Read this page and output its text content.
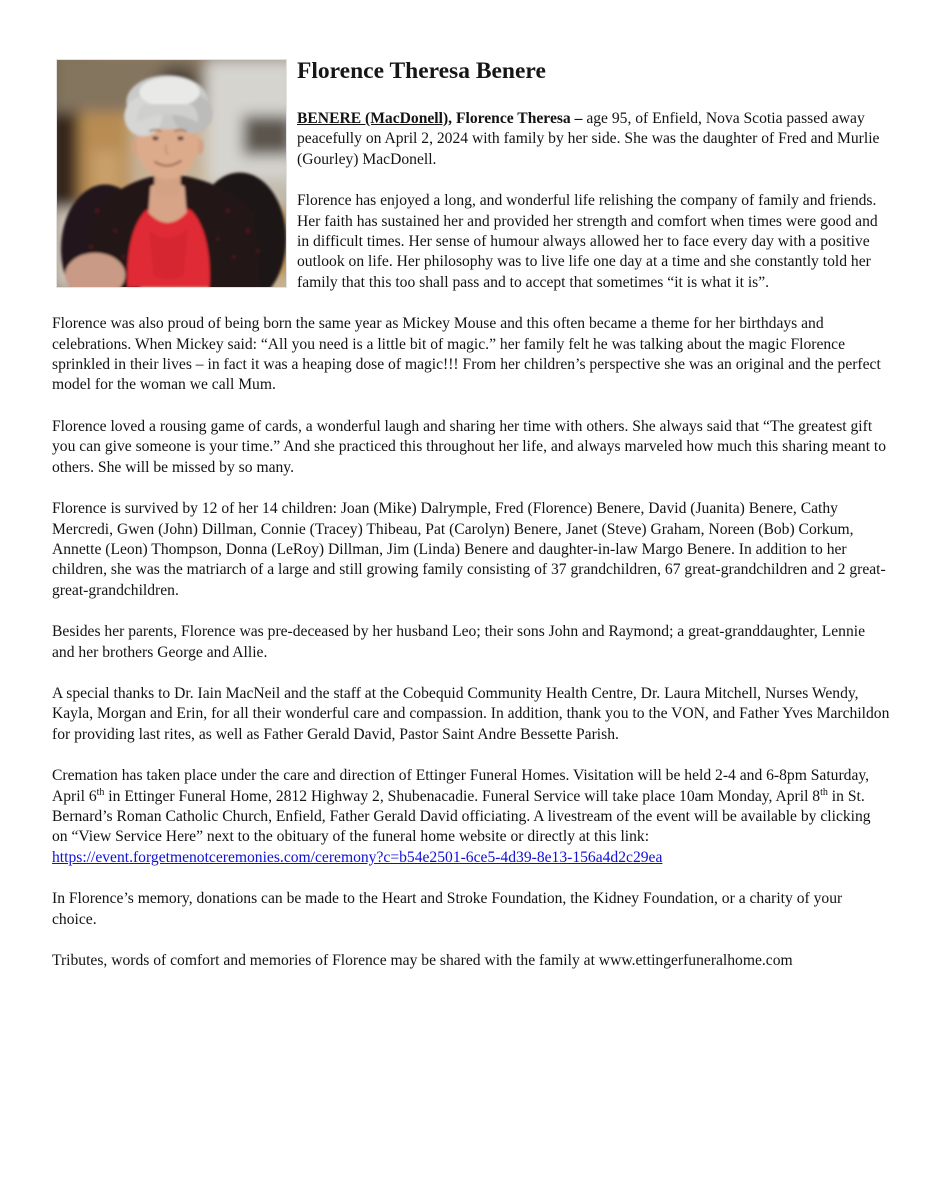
Florence Theresa Benere

BENERE (MacDonell), Florence Theresa – age 95, of Enfield, Nova Scotia passed away peacefully on April 2, 2024 with family by her side. She was the daughter of Fred and Murlie (Gourley) MacDonell.

Florence has enjoyed a long, and wonderful life relishing the company of family and friends. Her faith has sustained her and provided her strength and comfort when times were good and in difficult times. Her sense of humour always allowed her to face every day with a positive outlook on life. Her philosophy was to live life one day at a time and she constantly told her family that this too shall pass and to accept that sometimes “it is what it is”.

Florence was also proud of being born the same year as Mickey Mouse and this often became a theme for her birthdays and celebrations. When Mickey said: “All you need is a little bit of magic.” her family felt he was talking about the magic Florence sprinkled in their lives – in fact it was a heaping dose of magic!!! From her children’s perspective she was an original and the perfect model for the woman we call Mum.

Florence loved a rousing game of cards, a wonderful laugh and sharing her time with others. She always said that “The greatest gift you can give someone is your time.” And she practiced this throughout her life, and always marveled how much this sharing meant to others. She will be missed by so many.

Florence is survived by 12 of her 14 children: Joan (Mike) Dalrymple, Fred (Florence) Benere, David (Juanita) Benere, Cathy Mercredi, Gwen (John) Dillman, Connie (Tracey) Thibeau, Pat (Carolyn) Benere, Janet (Steve) Graham, Noreen (Bob) Corkum, Annette (Leon) Thompson, Donna (LeRoy) Dillman, Jim (Linda) Benere and daughter-in-law Margo Benere. In addition to her children, she was the matriarch of a large and still growing family consisting of 37 grandchildren, 67 great-grandchildren and 2 great-great-grandchildren.

Besides her parents, Florence was pre-deceased by her husband Leo; their sons John and Raymond; a great-granddaughter, Lennie and her brothers George and Allie.

A special thanks to Dr. Iain MacNeil and the staff at the Cobequid Community Health Centre, Dr. Laura Mitchell, Nurses Wendy, Kayla, Morgan and Erin, for all their wonderful care and compassion. In addition, thank you to the VON, and Father Yves Marchildon for providing last rites, as well as Father Gerald David, Pastor Saint Andre Bessette Parish.

Cremation has taken place under the care and direction of Ettinger Funeral Homes. Visitation will be held 2-4 and 6-8pm Saturday, April 6th in Ettinger Funeral Home, 2812 Highway 2, Shubenacadie. Funeral Service will take place 10am Monday, April 8th in St. Bernard’s Roman Catholic Church, Enfield, Father Gerald David officiating. A livestream of the event will be available by clicking on “View Service Here” next to the obituary of the funeral home website or directly at this link:
https://event.forgetmenotceremonies.com/ceremony?c=b54e2501-6ce5-4d39-8e13-156a4d2c29ea

In Florence’s memory, donations can be made to the Heart and Stroke Foundation, the Kidney Foundation, or a charity of your choice.

Tributes, words of comfort and memories of Florence may be shared with the family at www.ettingerfuneralhome.com
